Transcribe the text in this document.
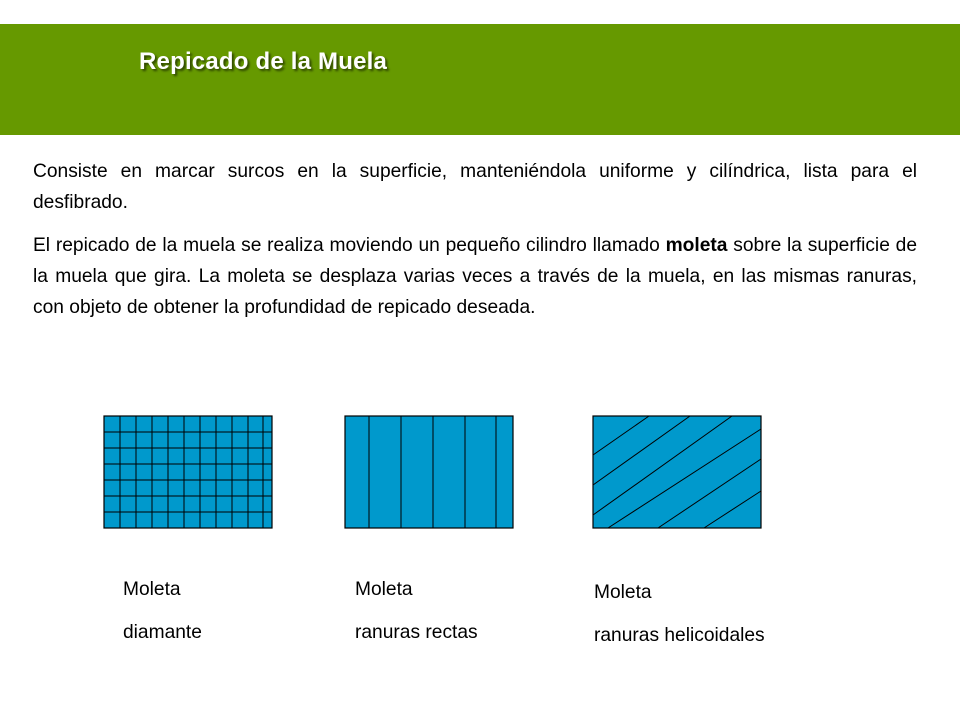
Repicado de la Muela

Consiste en marcar surcos en la superficie, manteniéndola uniforme y cilíndrica, lista para el desfibrado.

El repicado de la muela se realiza moviendo un pequeño cilindro llamado moleta sobre la superficie de la muela que gira. La moleta se desplaza varias veces a través de la muela, en las mismas ranuras, con objeto de obtener la profundidad de repicado deseada.

Moleta
diamante
Moleta
ranuras rectas
Moleta
ranuras helicoidales
